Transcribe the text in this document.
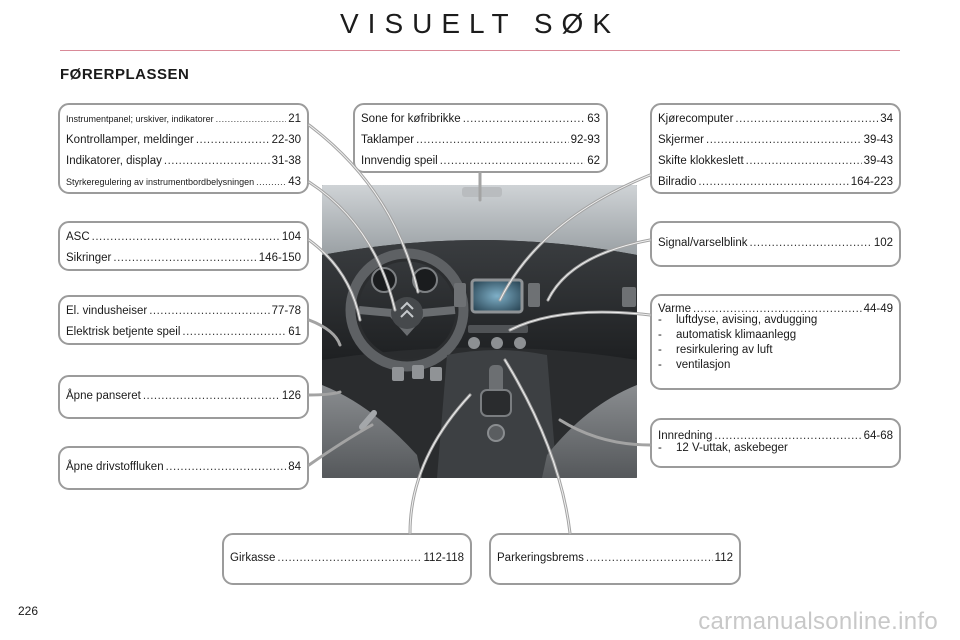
VISUELT SØK
FØRERPLASSEN
Instrumentpanel; urskiver, indikatorer .....	21
Kontrollamper, meldinger .....	22-30
Indikatorer, display .....	31-38
Styrkeregulering av instrumentbordbelysningen .....	43
ASC .....	104
Sikringer .....	146-150
El. vindusheiser .....	77-78
Elektrisk betjente speil .....	61
Åpne panseret .....	126
Åpne drivstoffluken .....	84
Sone for køfribrikke .....	63
Taklamper .....	92-93
Innvendig speil .....	62
Kjørecomputer .....	34
Skjermer .....	39-43
Skifte klokkeslett .....	39-43
Bilradio .....	164-223
Signal/varselblink .....	102
Varme .....	44-49
- luftdyse, avising, avdugging
- automatisk klimaanlegg
- resirkulering av luft
- ventilasjon
Innredning .....	64-68
- 12 V-uttak, askebeger
Girkasse .....	112-118	Parkeringsbrems .....	112
226	carmanualsonline.info
